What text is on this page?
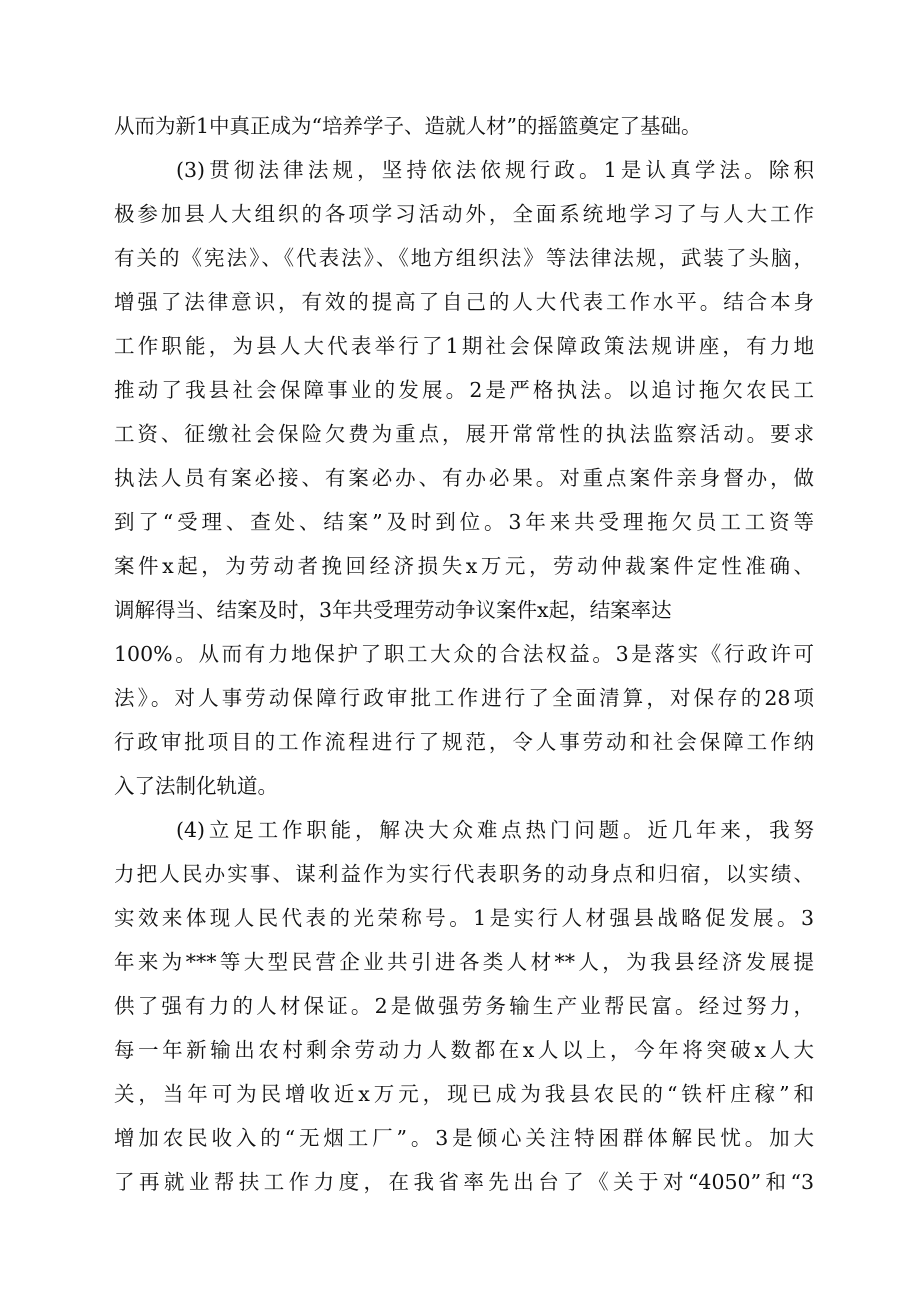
从而为新1中真正成为“培养学子、造就人材”的摇篮奠定了基础。
(3)贯彻法律法规，坚持依法依规行政。1是认真学法。除积
极参加县人大组织的各项学习活动外，全面系统地学习了与人大工作
有关的《宪法》、《代表法》、《地方组织法》等法律法规，武装了头脑，
增强了法律意识，有效的提高了自己的人大代表工作水平。结合本身
工作职能，为县人大代表举行了1期社会保障政策法规讲座，有力地
推动了我县社会保障事业的发展。2是严格执法。以追讨拖欠农民工
工资、征缴社会保险欠费为重点，展开常常性的执法监察活动。要求
执法人员有案必接、有案必办、有办必果。对重点案件亲身督办，做
到了“受理、查处、结案”及时到位。3年来共受理拖欠员工工资等
案件x起，为劳动者挽回经济损失x万元，劳动仲裁案件定性准确、
调解得当、结案及时，3年共受理劳动争议案件x起，结案率达
100%。从而有力地保护了职工大众的合法权益。3是落实《行政许可
法》。对人事劳动保障行政审批工作进行了全面清算，对保存的28项
行政审批项目的工作流程进行了规范，令人事劳动和社会保障工作纳
入了法制化轨道。
(4)立足工作职能，解决大众难点热门问题。近几年来，我努
力把人民办实事、谋利益作为实行代表职务的动身点和归宿，以实绩、
实效来体现人民代表的光荣称号。1是实行人材强县战略促发展。3
年来为***等大型民营企业共引进各类人材**人，为我县经济发展提
供了强有力的人材保证。2是做强劳务输生产业帮民富。经过努力，
每一年新输出农村剩余劳动力人数都在x人以上，今年将突破x人大
关，当年可为民增收近x万元，现已成为我县农民的“铁杆庄稼”和
增加农民收入的“无烟工厂”。3是倾心关注特困群体解民忧。加大
了再就业帮扶工作力度，在我省率先出台了《关于对“4050”和“3
